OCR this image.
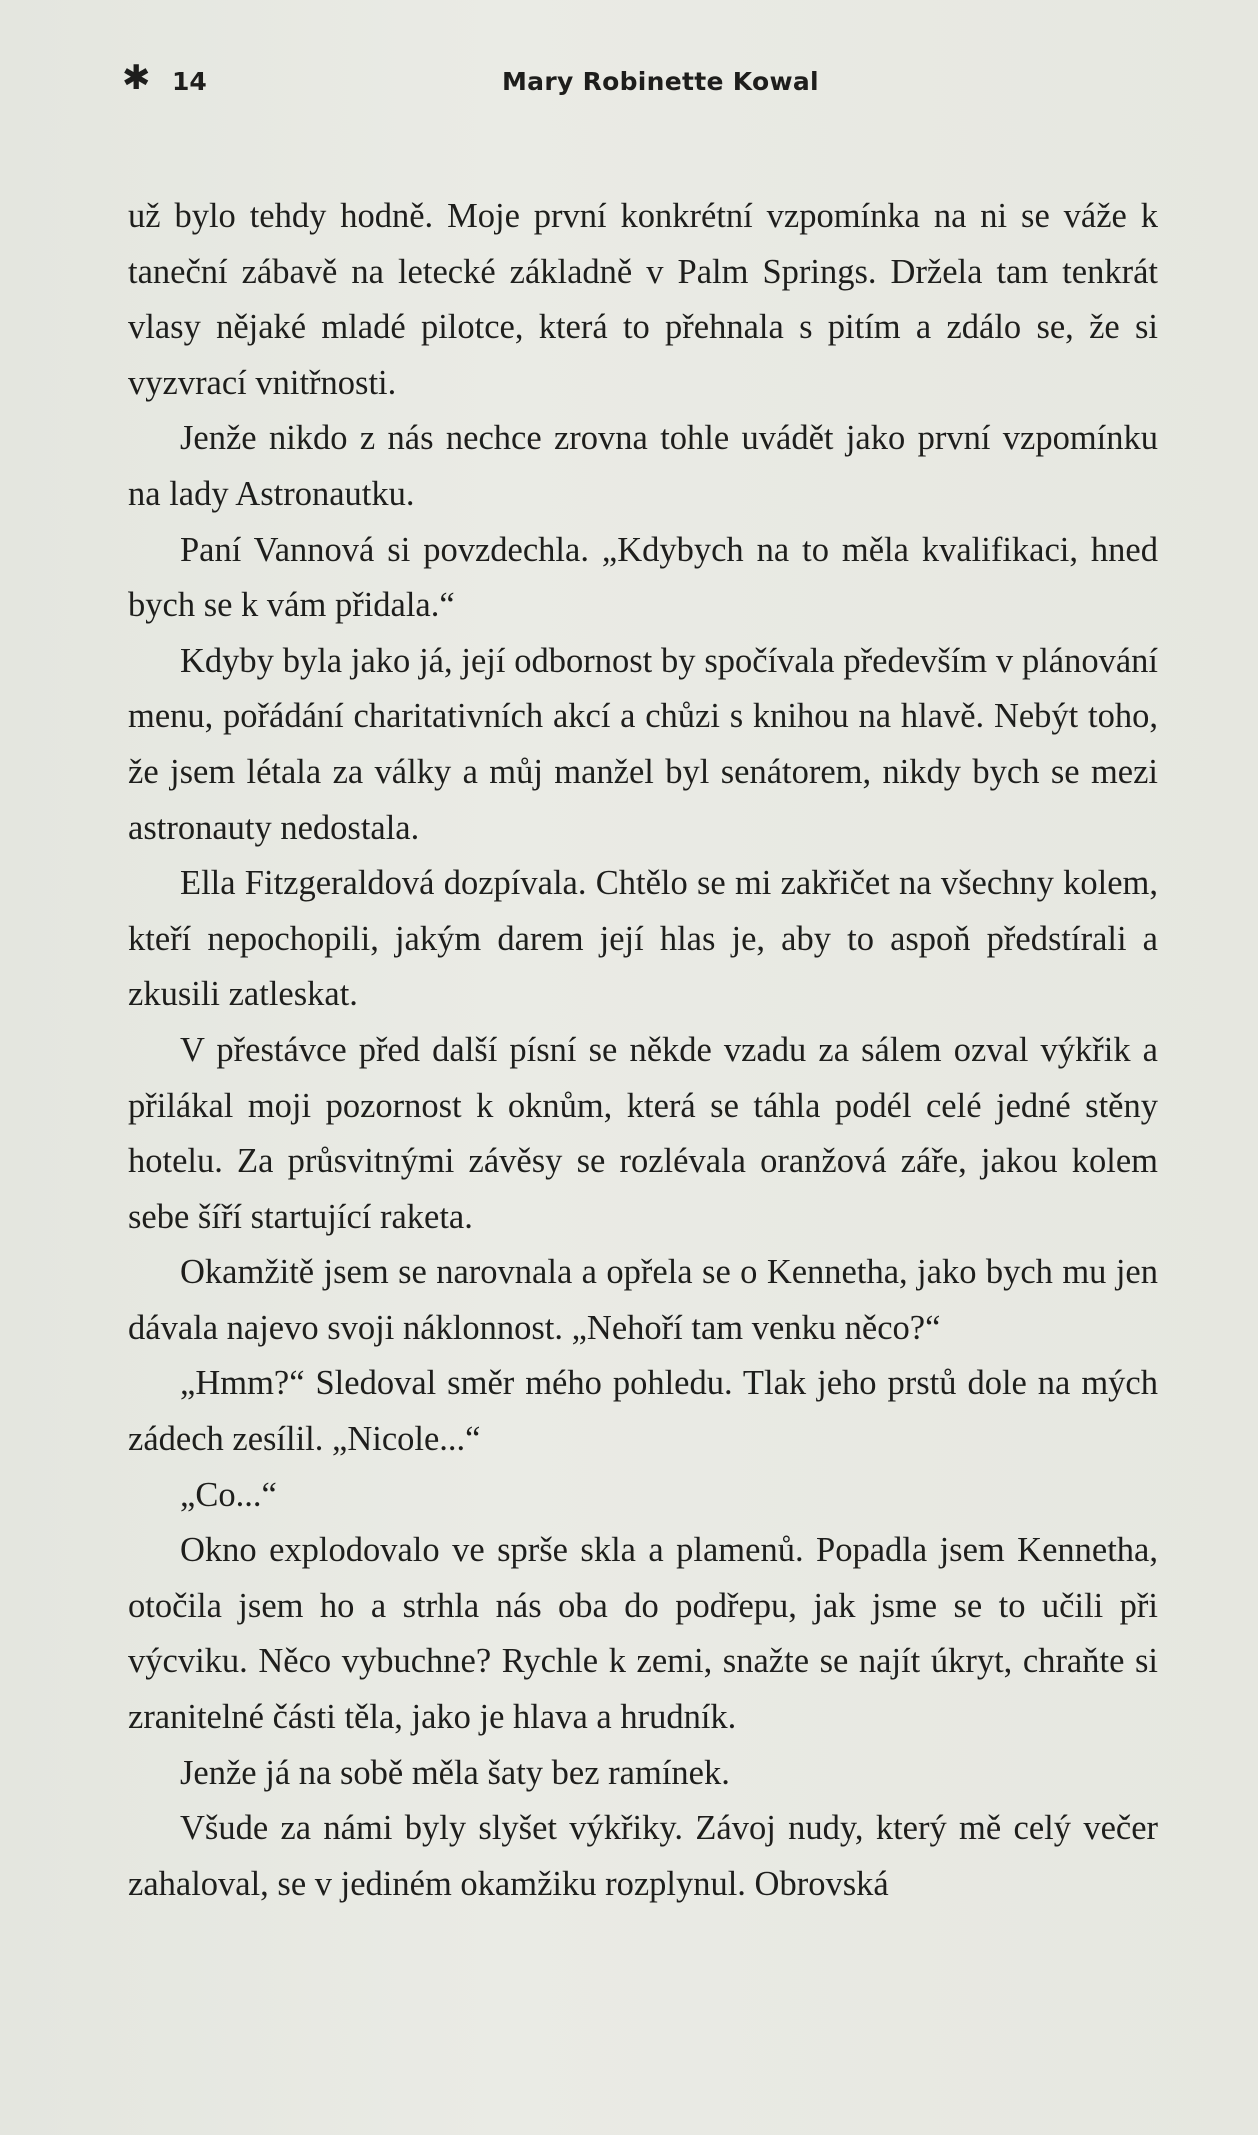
✱ 14	Mary Robinette Kowal

už bylo tehdy hodně. Moje první konkrétní vzpomínka na ni se váže k taneční zábavě na letecké základně v Palm Springs. Držela tam tenkrát vlasy nějaké mladé pilotce, která to přehnala s pitím a zdálo se, že si vyzvrací vnitřnosti.

Jenže nikdo z nás nechce zrovna tohle uvádět jako první vzpomínku na lady Astronautku.

Paní Vannová si povzdechla. „Kdybych na to měla kvalifikaci, hned bych se k vám přidala.“

Kdyby byla jako já, její odbornost by spočívala především v plánování menu, pořádání charitativních akcí a chůzi s knihou na hlavě. Nebýt toho, že jsem létala za války a můj manžel byl senátorem, nikdy bych se mezi astronauty nedostala.

Ella Fitzgeraldová dozpívala. Chtělo se mi zakřičet na všechny kolem, kteří nepochopili, jakým darem její hlas je, aby to aspoň předstírali a zkusili zatleskat.

V přestávce před další písní se někde vzadu za sálem ozval výkřik a přilákal moji pozornost k oknům, která se táhla podél celé jedné stěny hotelu. Za průsvitnými závěsy se rozlévala oranžová záře, jakou kolem sebe šíří startující raketa.

Okamžitě jsem se narovnala a opřela se o Kennetha, jako bych mu jen dávala najevo svoji náklonnost. „Nehoří tam venku něco?“

„Hmm?“ Sledoval směr mého pohledu. Tlak jeho prstů dole na mých zádech zesílil. „Nicole...“

„Co...“

Okno explodovalo ve sprše skla a plamenů. Popadla jsem Kennetha, otočila jsem ho a strhla nás oba do podřepu, jak jsme se to učili při výcviku. Něco vybuchne? Rychle k zemi, snažte se najít úkryt, chraňte si zranitelné části těla, jako je hlava a hrudník.

Jenže já na sobě měla šaty bez ramínek.

Všude za námi byly slyšet výkřiky. Závoj nudy, který mě celý večer zahaloval, se v jediném okamžiku rozplynul. Obrovská
